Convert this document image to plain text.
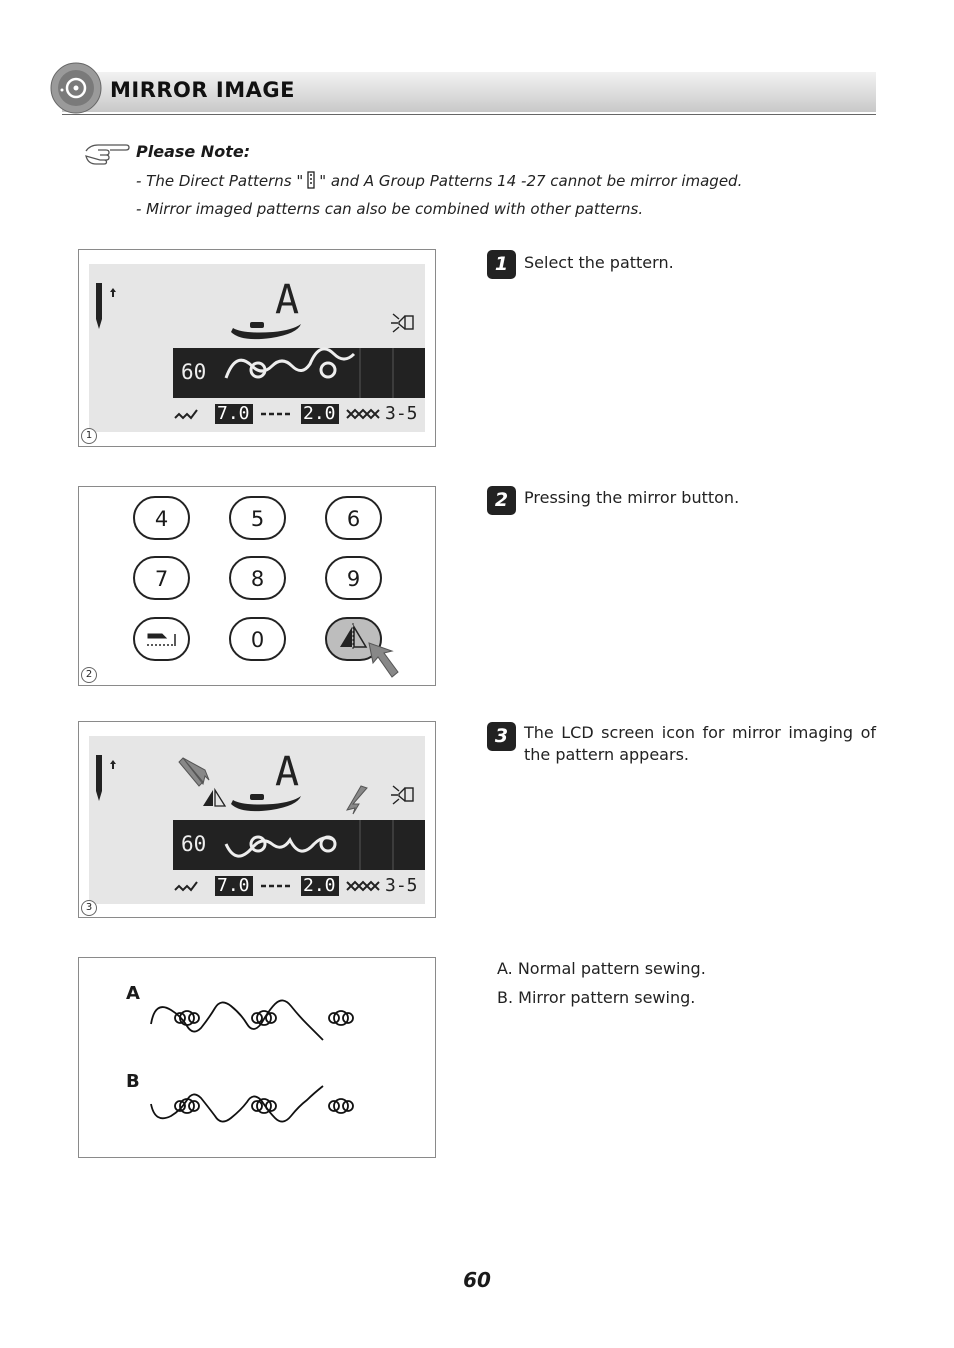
MIRROR IMAGE
Please Note:
- The Direct Patterns " " and A Group Patterns 14 -27 cannot be mirror imaged.
- Mirror imaged patterns can also be combined with other patterns.
A
60
7.0	2.0	3-5
1
4	5	6
7	8	9
0
2
A
60
7.0	2.0	3-5
3
A
B
1 Select the pattern.
2 Pressing the mirror button.
3 The LCD screen icon for mirror imaging of the pattern appears.
A. Normal pattern sewing.
B. Mirror pattern sewing.
60
